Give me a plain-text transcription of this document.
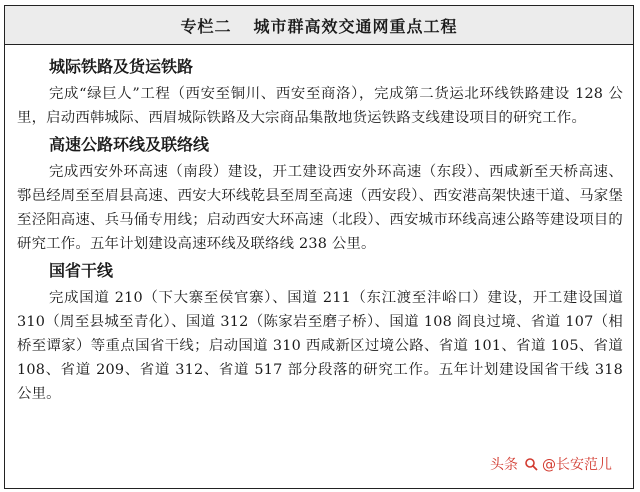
专栏二 城市群高效交通网重点工程
城际铁路及货运铁路

完成“绿巨人”工程（西安至铜川、西安至商洛），完成第二货运北环线铁路建设 128 公里，启动西韩城际、西眉城际铁路及大宗商品集散地货运铁路支线建设项目的研究工作。

高速公路环线及联络线

完成西安外环高速（南段）建设，开工建设西安外环高速（东段）、西咸新至天桥高速、鄠邑经周至至眉县高速、西安大环线乾县至周至高速（西安段）、西安港高架快速干道、马家堡至泾阳高速、兵马俑专用线；启动西安大环高速（北段）、西安城市环线高速公路等建设项目的研究工作。五年计划建设高速环线及联络线 238 公里。

国省干线

完成国道 210（下大寨至侯官寨）、国道 211（东江渡至沣峪口）建设，开工建设国道 310（周至县城至青化）、国道 312（陈家岩至磨子桥）、国道 108 阎良过境、省道 107（相桥至谭家）等重点国省干线；启动国道 310 西咸新区过境公路、省道 101、省道 105、省道 108、省道 209、省道 312、省道 517 部分段落的研究工作。五年计划建设国省干线 318 公里。

头条 @长安范儿
